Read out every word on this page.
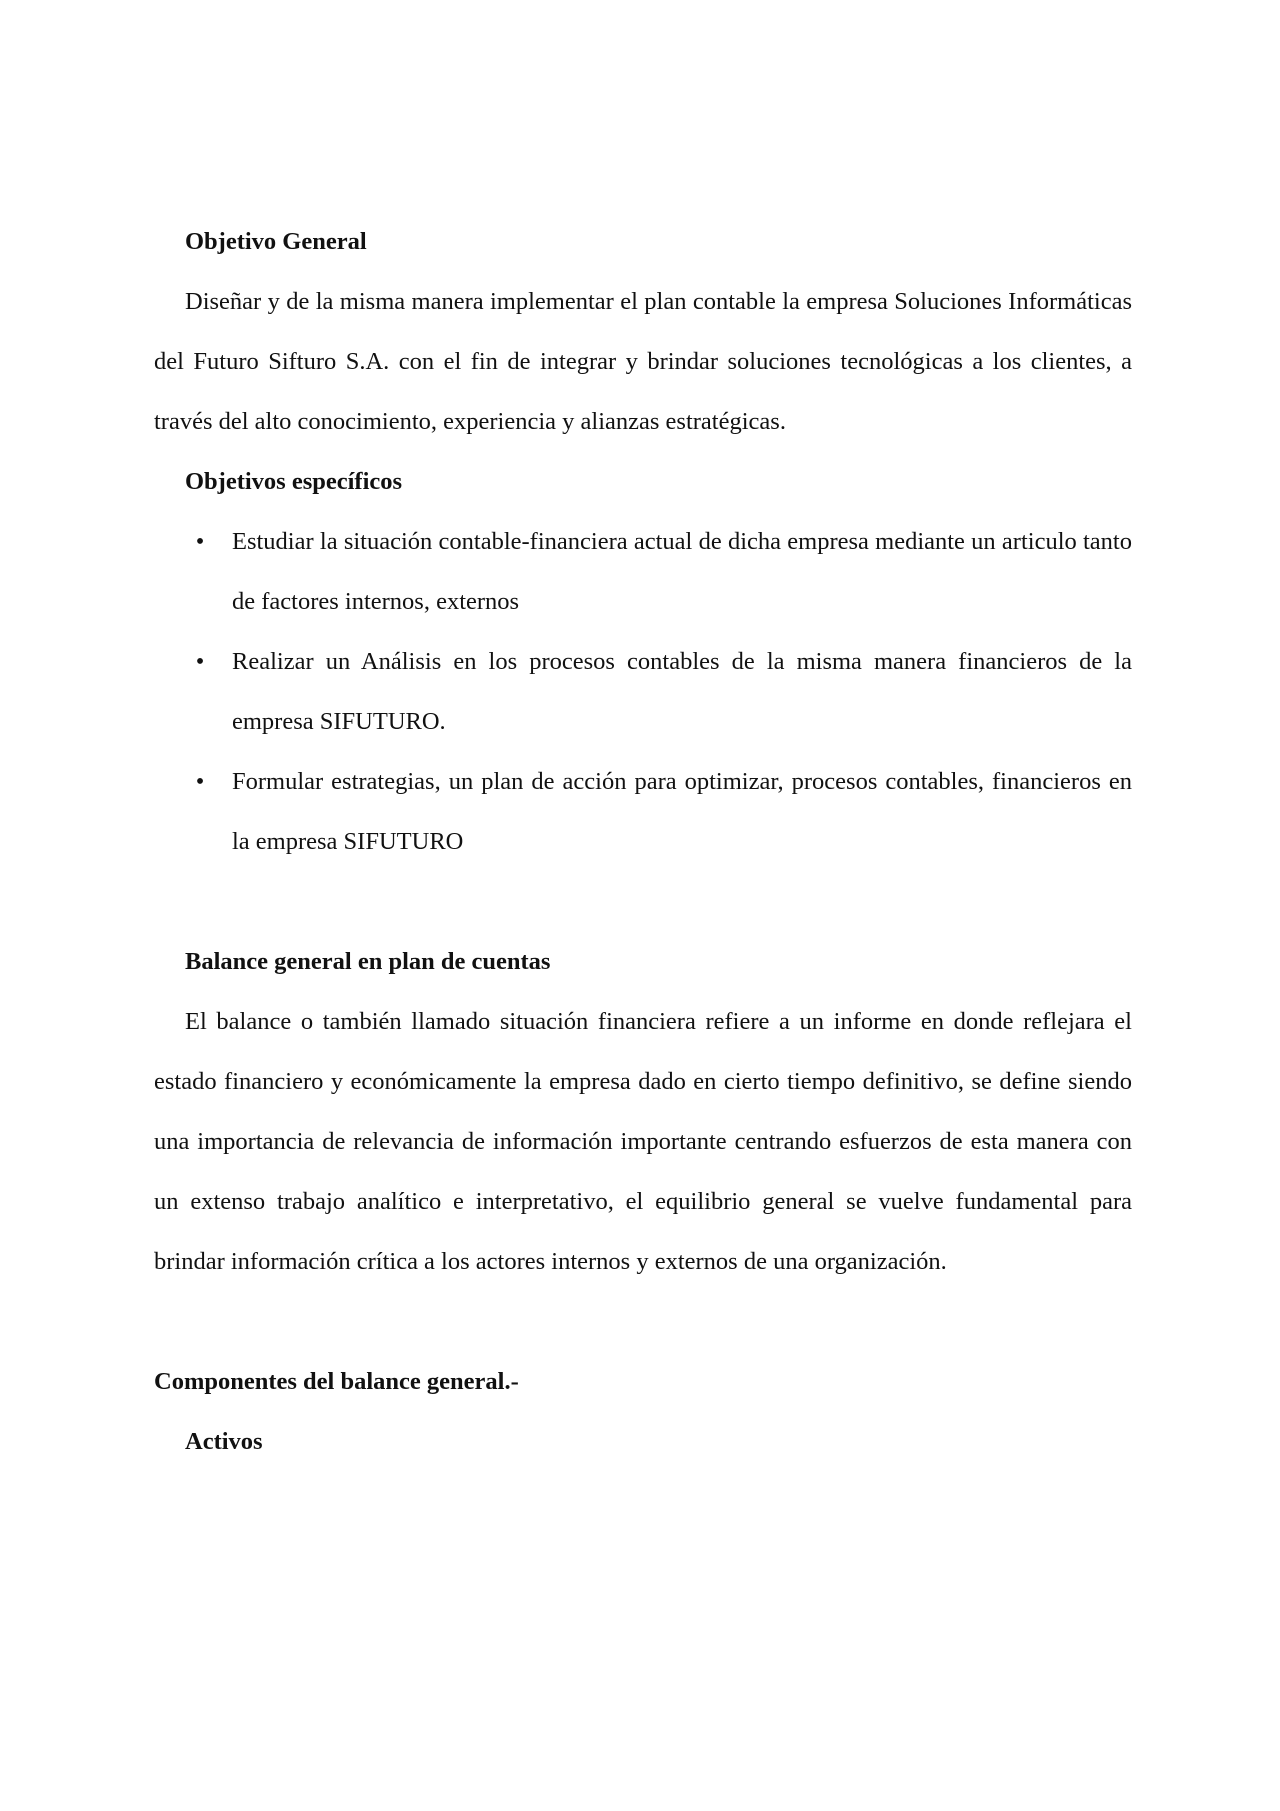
Objetivo General

Diseñar y de la misma manera implementar el plan contable la empresa Soluciones Informáticas del Futuro Sifturo S.A. con el fin de integrar y brindar soluciones tecnológicas a los clientes, a través del alto conocimiento, experiencia y alianzas estratégicas.

Objetivos específicos

• Estudiar la situación contable-financiera actual de dicha empresa mediante un articulo tanto de factores internos, externos
• Realizar un Análisis en los procesos contables de la misma manera financieros de la empresa SIFUTURO.
• Formular estrategias, un plan de acción para optimizar, procesos contables, financieros en la empresa SIFUTURO

Balance general en plan de cuentas

El balance o también llamado situación financiera refiere a un informe en donde reflejara el estado financiero y económicamente la empresa dado en cierto tiempo definitivo, se define siendo una importancia de relevancia de información importante centrando esfuerzos de esta manera con un extenso trabajo analítico e interpretativo, el equilibrio general se vuelve fundamental para brindar información crítica a los actores internos y externos de una organización.

Componentes del balance general.-

Activos
